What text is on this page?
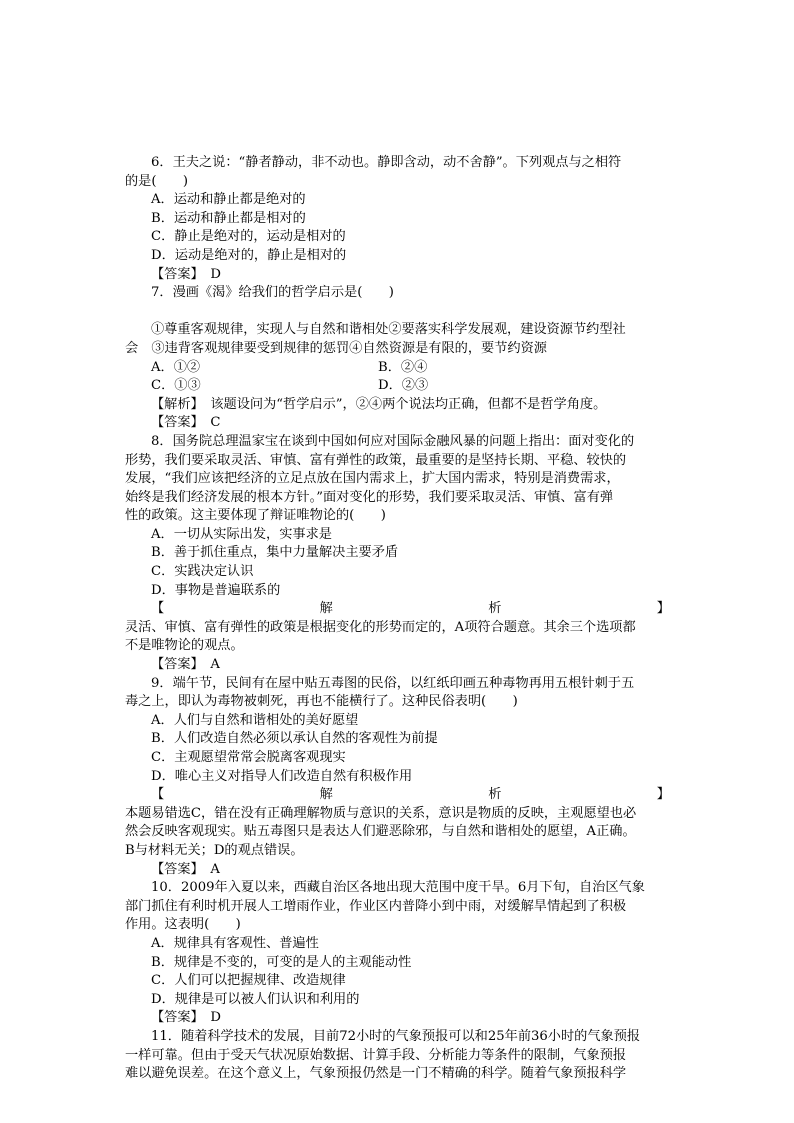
6．王夫之说：“静者静动，非不动也。静即含动，动不舍静”。下列观点与之相符

的是(　　)

A．运动和静止都是绝对的

B．运动和静止都是相对的

C．静止是绝对的，运动是相对的

D．运动是绝对的，静止是相对的

【答案】　D

7．漫画《渴》给我们的哲学启示是(　　)

①尊重客观规律，实现人与自然和谐相处②要落实科学发展观，建设资源节约型社

会　③违背客观规律要受到规律的惩罚④自然资源是有限的，要节约资源

A．①②	B．②④
C．①③	D．②③

【解析】　该题设问为“哲学启示”，②④两个说法均正确，但都不是哲学角度。

【答案】　C

8．国务院总理温家宝在谈到中国如何应对国际金融风暴的问题上指出：面对变化的

形势，我们要采取灵活、审慎、富有弹性的政策，最重要的是坚持长期、平稳、较快的

发展，“我们应该把经济的立足点放在国内需求上，扩大国内需求，特别是消费需求，

始终是我们经济发展的根本方针。”面对变化的形势，我们要采取灵活、审慎、富有弹

性的政策。这主要体现了辩证唯物论的(　　)

A．一切从实际出发，实事求是

B．善于抓住重点，集中力量解决主要矛盾

C．实践决定认识

D．事物是普遍联系的

【	解	析	】

灵活、审慎、富有弹性的政策是根据变化的形势而定的，A项符合题意。其余三个选项都

不是唯物论的观点。

【答案】　A

9．端午节，民间有在屋中贴五毒图的民俗，以红纸印画五种毒物再用五根针刺于五

毒之上，即认为毒物被刺死，再也不能横行了。这种民俗表明(　　)

A．人们与自然和谐相处的美好愿望

B．人们改造自然必须以承认自然的客观性为前提

C．主观愿望常常会脱离客观现实

D．唯心主义对指导人们改造自然有积极作用

【	解	析	】

本题易错选C，错在没有正确理解物质与意识的关系，意识是物质的反映，主观愿望也必

然会反映客观现实。贴五毒图只是表达人们避恶除邪，与自然和谐相处的愿望，A正确。

B与材料无关；D的观点错误。

【答案】　A

10．2009年入夏以来，西藏自治区各地出现大范围中度干旱。6月下旬，自治区气象

部门抓住有利时机开展人工增雨作业，作业区内普降小到中雨，对缓解旱情起到了积极

作用。这表明(　　)

A．规律具有客观性、普遍性

B．规律是不变的，可变的是人的主观能动性

C．人们可以把握规律、改造规律

D．规律是可以被人们认识和利用的

【答案】　D

11．随着科学技术的发展，目前72小时的气象预报可以和25年前36小时的气象预报

一样可靠。但由于受天气状况原始数据、计算手段、分析能力等条件的限制，气象预报

难以避免误差。在这个意义上，气象预报仍然是一门不精确的科学。随着气象预报科学
